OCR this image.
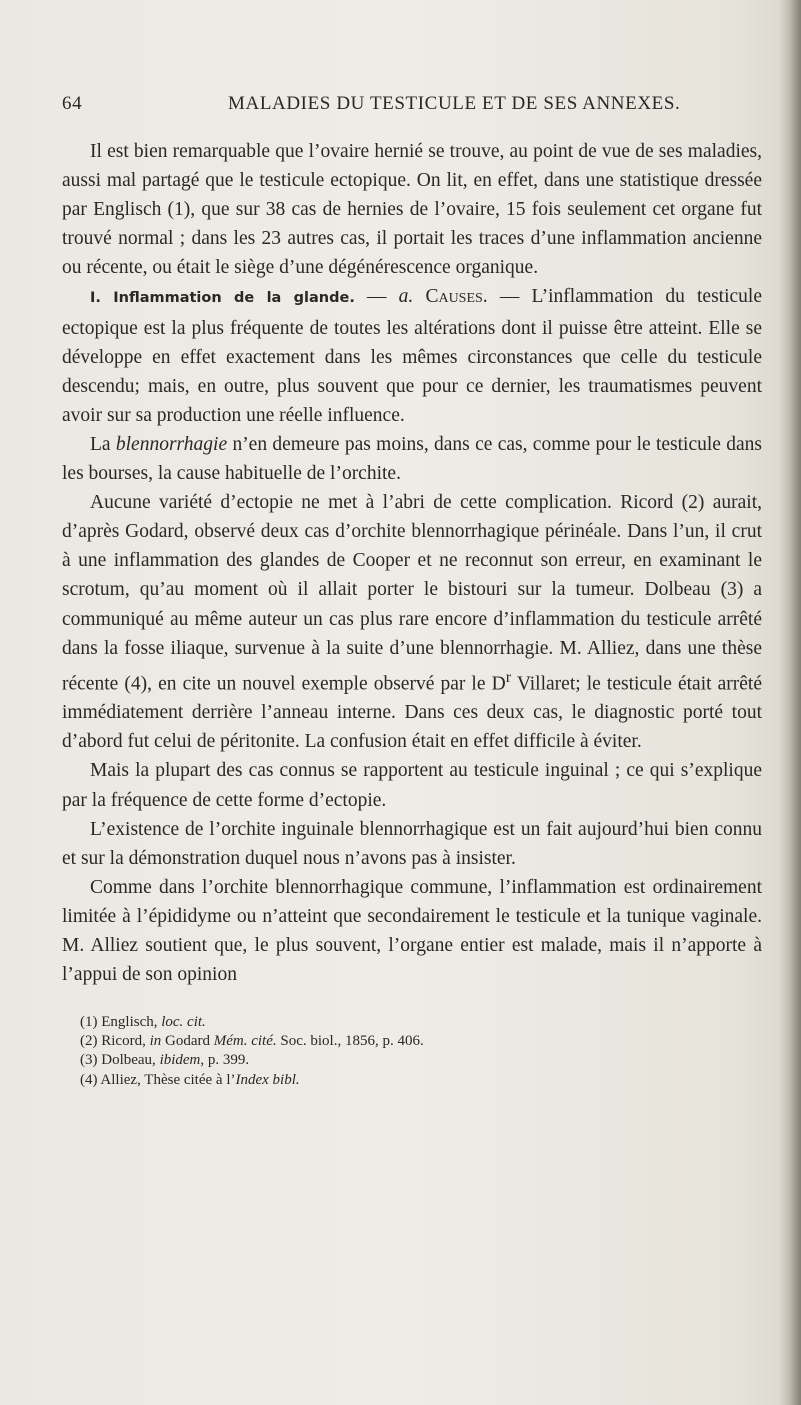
64	MALADIES DU TESTICULE ET DE SES ANNEXES.

Il est bien remarquable que l’ovaire hernié se trouve, au point de vue de ses maladies, aussi mal partagé que le testicule ectopique. On lit, en effet, dans une statistique dressée par Englisch (1), que sur 38 cas de hernies de l’ovaire, 15 fois seulement cet organe fut trouvé normal ; dans les 23 autres cas, il portait les traces d’une inflammation ancienne ou récente, ou était le siège d’une dégénérescence organique.

I. Inflammation de la glande. — a. Causes. — L’inflammation du testicule ectopique est la plus fréquente de toutes les altérations dont il puisse être atteint. Elle se développe en effet exactement dans les mêmes circonstances que celle du testicule descendu; mais, en outre, plus souvent que pour ce dernier, les traumatismes peuvent avoir sur sa production une réelle influence.

La blennorrhagie n’en demeure pas moins, dans ce cas, comme pour le testicule dans les bourses, la cause habituelle de l’orchite.

Aucune variété d’ectopie ne met à l’abri de cette complication. Ricord (2) aurait, d’après Godard, observé deux cas d’orchite blennorrhagique périnéale. Dans l’un, il crut à une inflammation des glandes de Cooper et ne reconnut son erreur, en examinant le scrotum, qu’au moment où il allait porter le bistouri sur la tumeur. Dolbeau (3) a communiqué au même auteur un cas plus rare encore d’inflammation du testicule arrêté dans la fosse iliaque, survenue à la suite d’une blennorrhagie. M. Alliez, dans une thèse récente (4), en cite un nouvel exemple observé par le $D^r$ Villaret; le testicule était arrêté immédiatement derrière l’anneau interne. Dans ces deux cas, le diagnostic porté tout d’abord fut celui de péritonite. La confusion était en effet difficile à éviter.

Mais la plupart des cas connus se rapportent au testicule inguinal ; ce qui s’explique par la fréquence de cette forme d’ectopie.

L’existence de l’orchite inguinale blennorrhagique est un fait aujourd’hui bien connu et sur la démonstration duquel nous n’avons pas à insister.

Comme dans l’orchite blennorrhagique commune, l’inflammation est ordinairement limitée à l’épididyme ou n’atteint que secondairement le testicule et la tunique vaginale. M. Alliez soutient que, le plus souvent, l’organe entier est malade, mais il n’apporte à l’appui de son opinion

(1) Englisch, loc. cit.
(2) Ricord, in Godard Mém. cité. Soc. biol., 1856, p. 406.
(3) Dolbeau, ibidem, p. 399.
(4) Alliez, Thèse citée à l’Index bibl.
